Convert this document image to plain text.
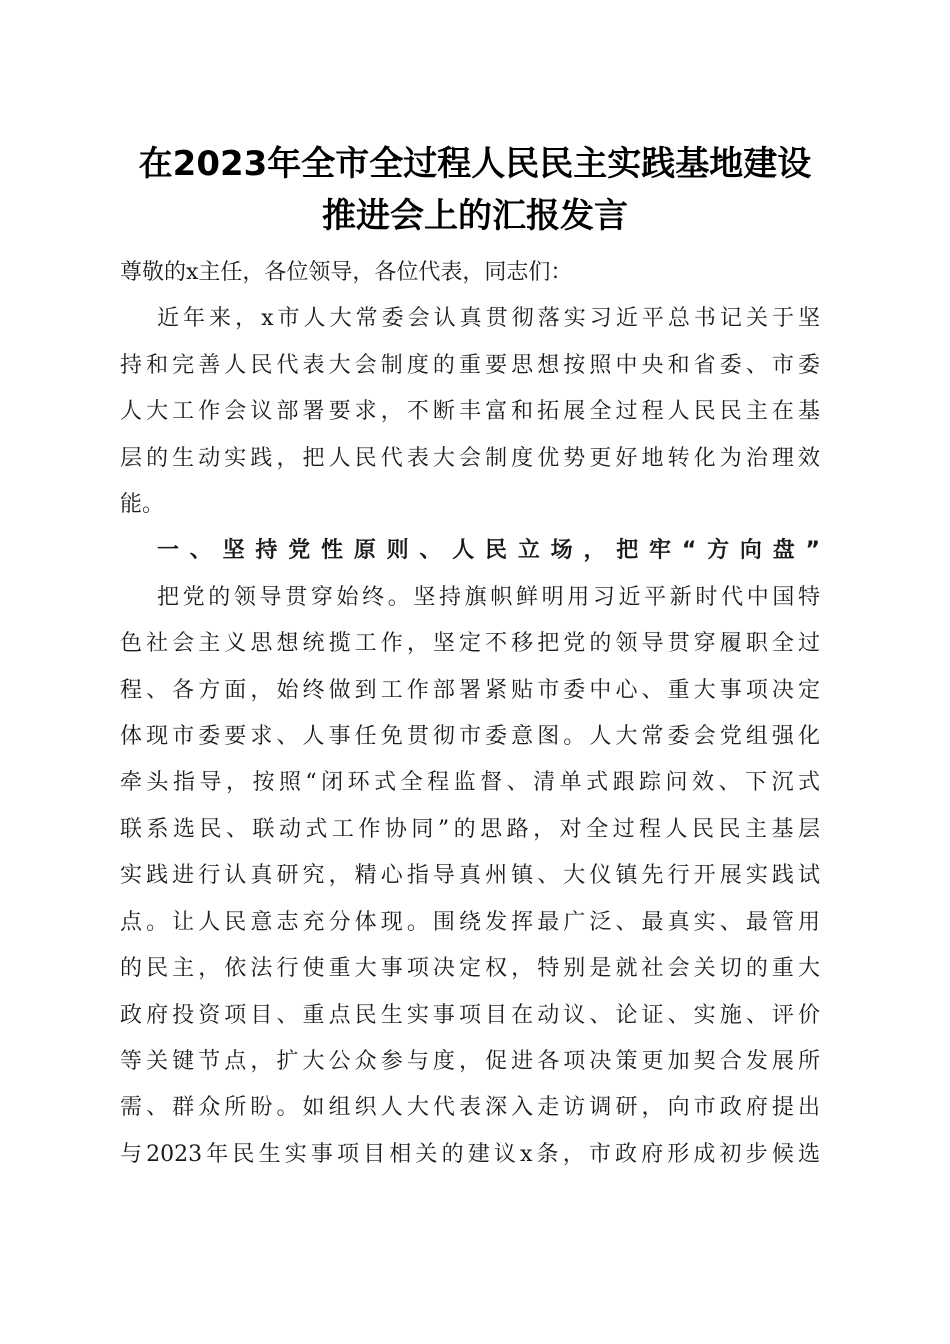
在2023年全市全过程人民民主实践基地建设
推进会上的汇报发言
尊敬的x主任，各位领导，各位代表，同志们：
近年来，x市人大常委会认真贯彻落实习近平总书记关于坚
持和完善人民代表大会制度的重要思想按照中央和省委、市委
人大工作会议部署要求，不断丰富和拓展全过程人民民主在基
层的生动实践，把人民代表大会制度优势更好地转化为治理效
能。
一、坚持党性原则、人民立场，把牢“方向盘”
把党的领导贯穿始终。坚持旗帜鲜明用习近平新时代中国特
色社会主义思想统揽工作，坚定不移把党的领导贯穿履职全过
程、各方面，始终做到工作部署紧贴市委中心、重大事项决定
体现市委要求、人事任免贯彻市委意图。人大常委会党组强化
牵头指导，按照“闭环式全程监督、清单式跟踪问效、下沉式
联系选民、联动式工作协同”的思路，对全过程人民民主基层
实践进行认真研究，精心指导真州镇、大仪镇先行开展实践试
点。让人民意志充分体现。围绕发挥最广泛、最真实、最管用
的民主，依法行使重大事项决定权，特别是就社会关切的重大
政府投资项目、重点民生实事项目在动议、论证、实施、评价
等关键节点，扩大公众参与度，促进各项决策更加契合发展所
需、群众所盼。如组织人大代表深入走访调研，向市政府提出
与2023年民生实事项目相关的建议x条，市政府形成初步候选
